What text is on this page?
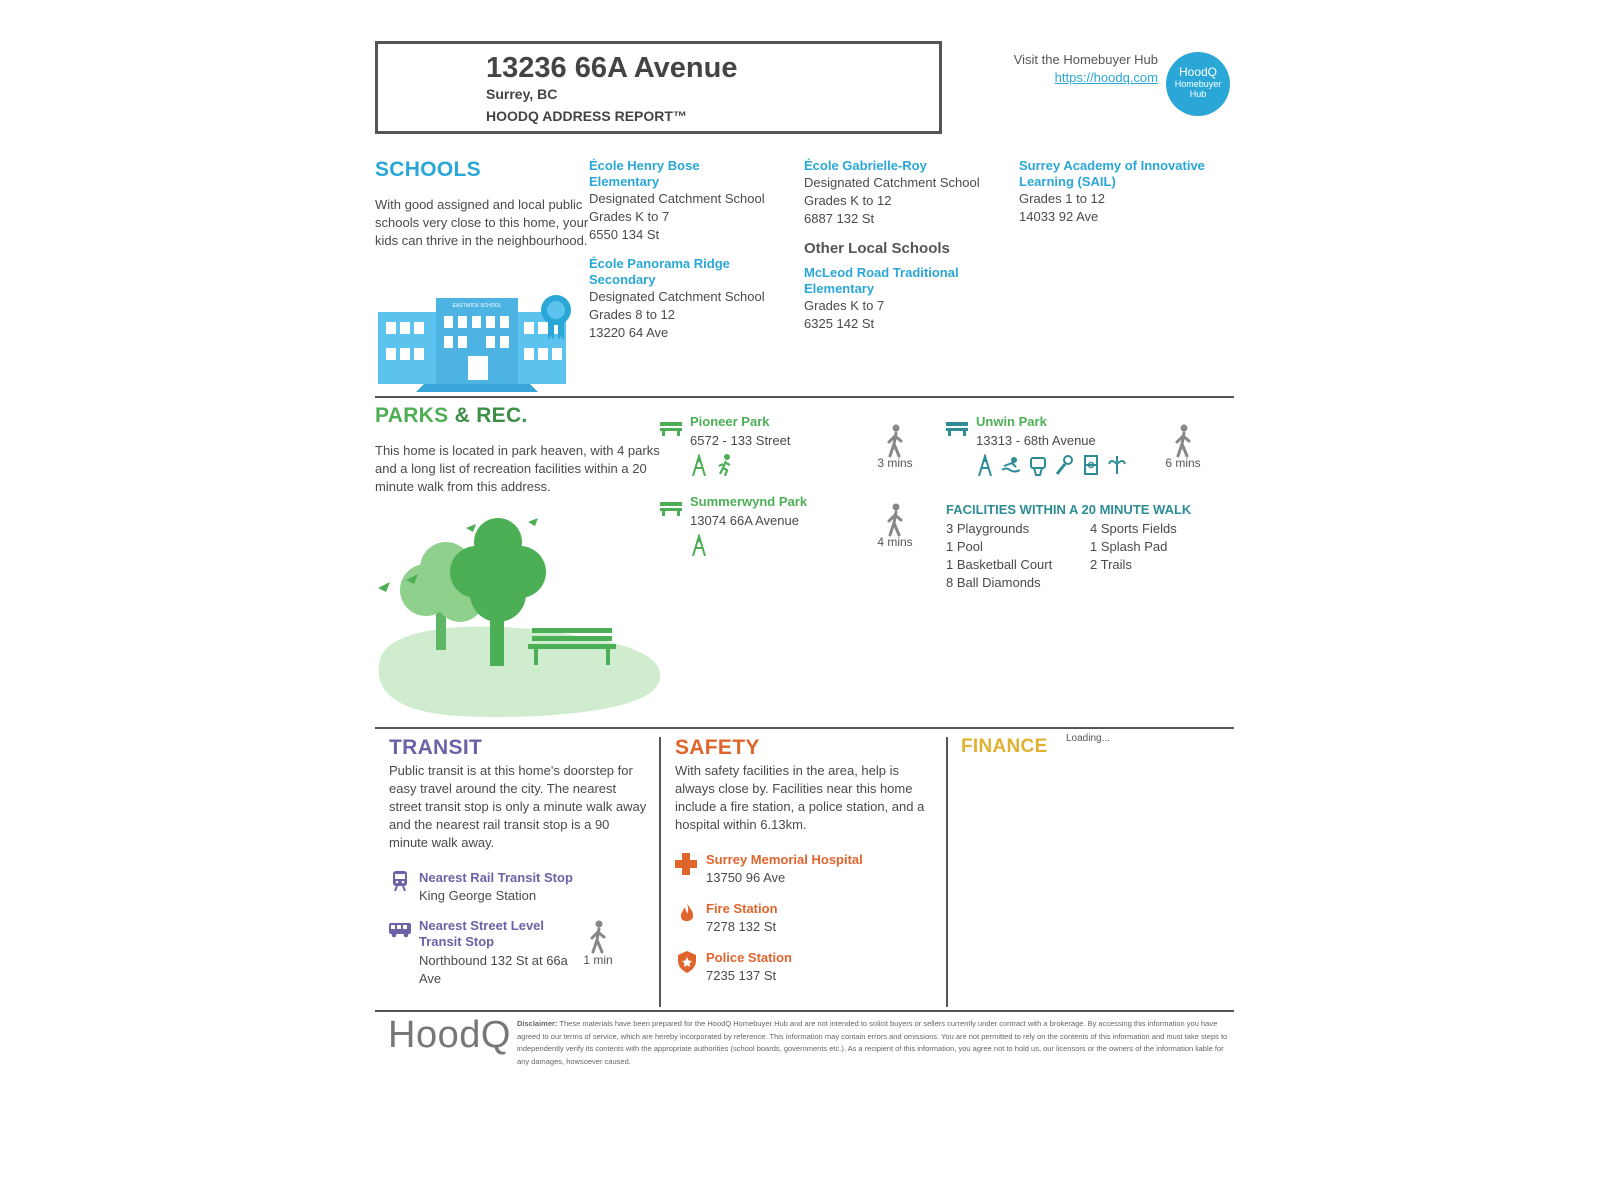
13236 66A Avenue
Surrey, BC
HOODQ ADDRESS REPORT™
Visit the Homebuyer Hub
https://hoodq.com	HoodQ
Homebuyer
Hub
SCHOOLS
With good assigned and local public schools very close to this home, your kids can thrive in the neighbourhood.
EASTWICK SCHOOL
École Henry Bose Elementary
Designated Catchment School
Grades K to 7
6550 134 St
École Panorama Ridge Secondary
Designated Catchment School
Grades 8 to 12
13220 64 Ave
École Gabrielle-Roy
Designated Catchment School
Grades K to 12
6887 132 St
Other Local Schools
McLeod Road Traditional Elementary
Grades K to 7
6325 142 St
Surrey Academy of Innovative Learning (SAIL)
Grades 1 to 12
14033 92 Ave
PARKS & REC.
This home is located in park heaven, with 4 parks and a long list of recreation facilities within a 20 minute walk from this address.
Pioneer Park
6572 - 133 Street

3 mins
Summerwynd Park
13074 66A Avenue
4 mins
Unwin Park
13313 - 68th Avenue

6 mins
FACILITIES WITHIN A 20 MINUTE WALK
3 Playgrounds
1 Pool
1 Basketball Court
8 Ball Diamonds
4 Sports Fields
1 Splash Pad
2 Trails
TRANSIT
Public transit is at this home's doorstep for easy travel around the city. The nearest street transit stop is only a minute walk away and the nearest rail transit stop is a 90 minute walk away.
Nearest Rail Transit Stop
King George Station
Nearest Street Level Transit Stop
Northbound 132 St at 66a Ave
1 min
SAFETY
With safety facilities in the area, help is always close by. Facilities near this home include a fire station, a police station, and a hospital within 6.13km.
Surrey Memorial Hospital
13750 96 Ave
Fire Station
7278 132 St
Police Station
7235 137 St
FINANCE Loading...
HoodQ Disclaimer: These materials have been prepared for the HoodQ Homebuyer Hub and are not intended to solicit buyers or sellers currently under contract with a brokerage. By accessing this information you have agreed to our terms of service, which are hereby incorporated by reference. This information may contain errors and omissions. You are not permitted to rely on the contents of this information and must take steps to independently verify its contents with the appropriate authorities (school boards, governments etc.). As a recipient of this information, you agree not to hold us, our licensors or the owners of the information liable for any damages, howsoever caused.
